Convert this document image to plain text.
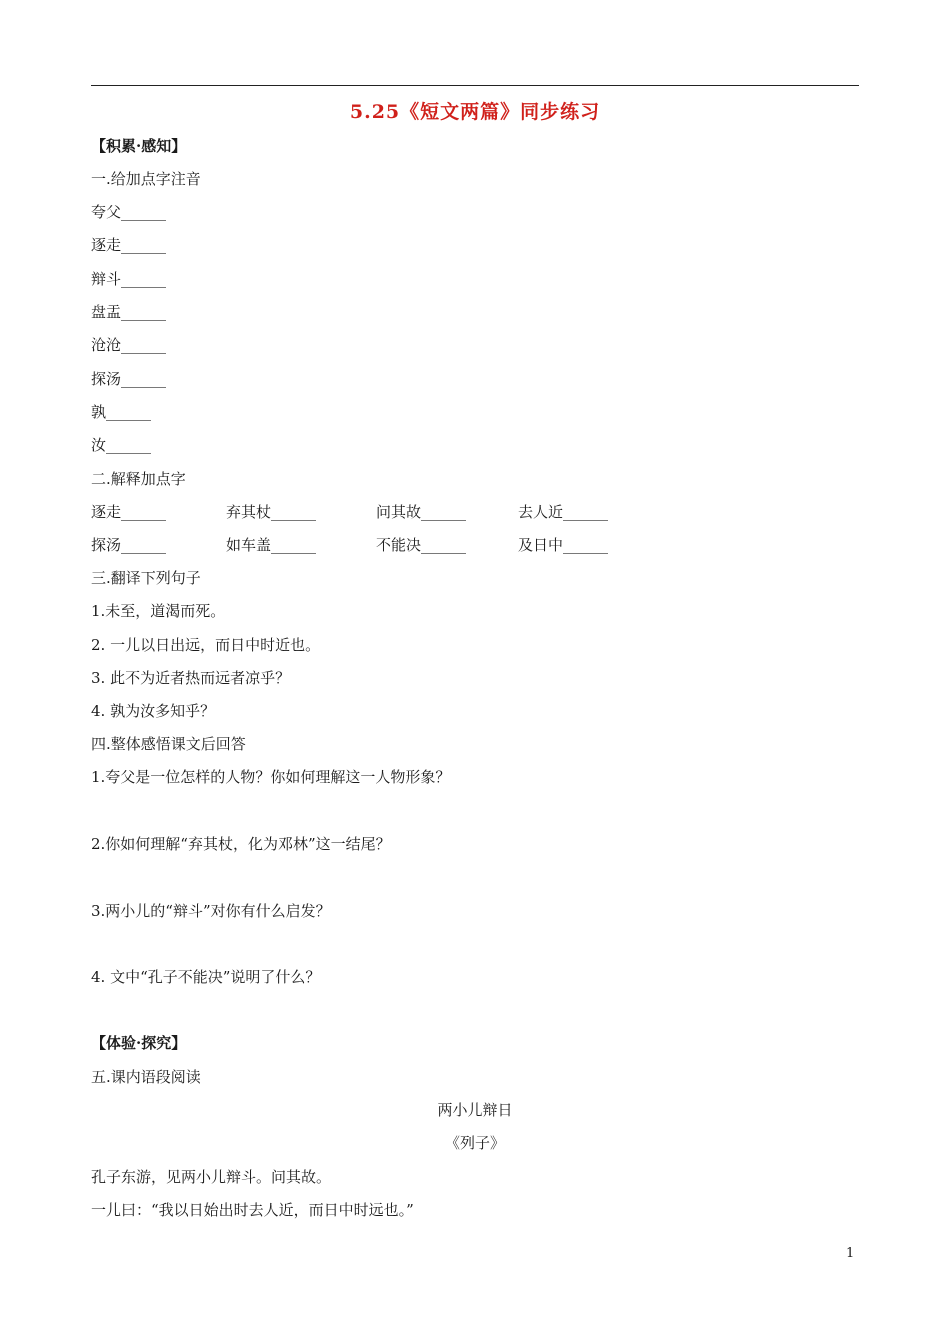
5.25《短文两篇》同步练习
【积累·感知】
一.给加点字注音
夸父______
逐走______
辩斗______
盘盂______
沧沧______
探汤______
孰______
汝______
二.解释加点字
逐走______	弃其杖______	问其故______	去人近______
探汤______	如车盖______	不能决______	及日中______
三.翻译下列句子
1.未至，道渴而死。
2. 一儿以日出远，而日中时近也。
3. 此不为近者热而远者凉乎？
4. 孰为汝多知乎？
四.整体感悟课文后回答
1.夸父是一位怎样的人物？你如何理解这一人物形象？
2.你如何理解“弃其杖，化为邓林”这一结尾？
3.两小儿的“辩斗”对你有什么启发？
4. 文中“孔子不能决”说明了什么？
【体验·探究】
五.课内语段阅读
两小儿辩日
《列子》
孔子东游，见两小儿辩斗。问其故。
一儿曰：“我以日始出时去人近，而日中时远也。”
1
